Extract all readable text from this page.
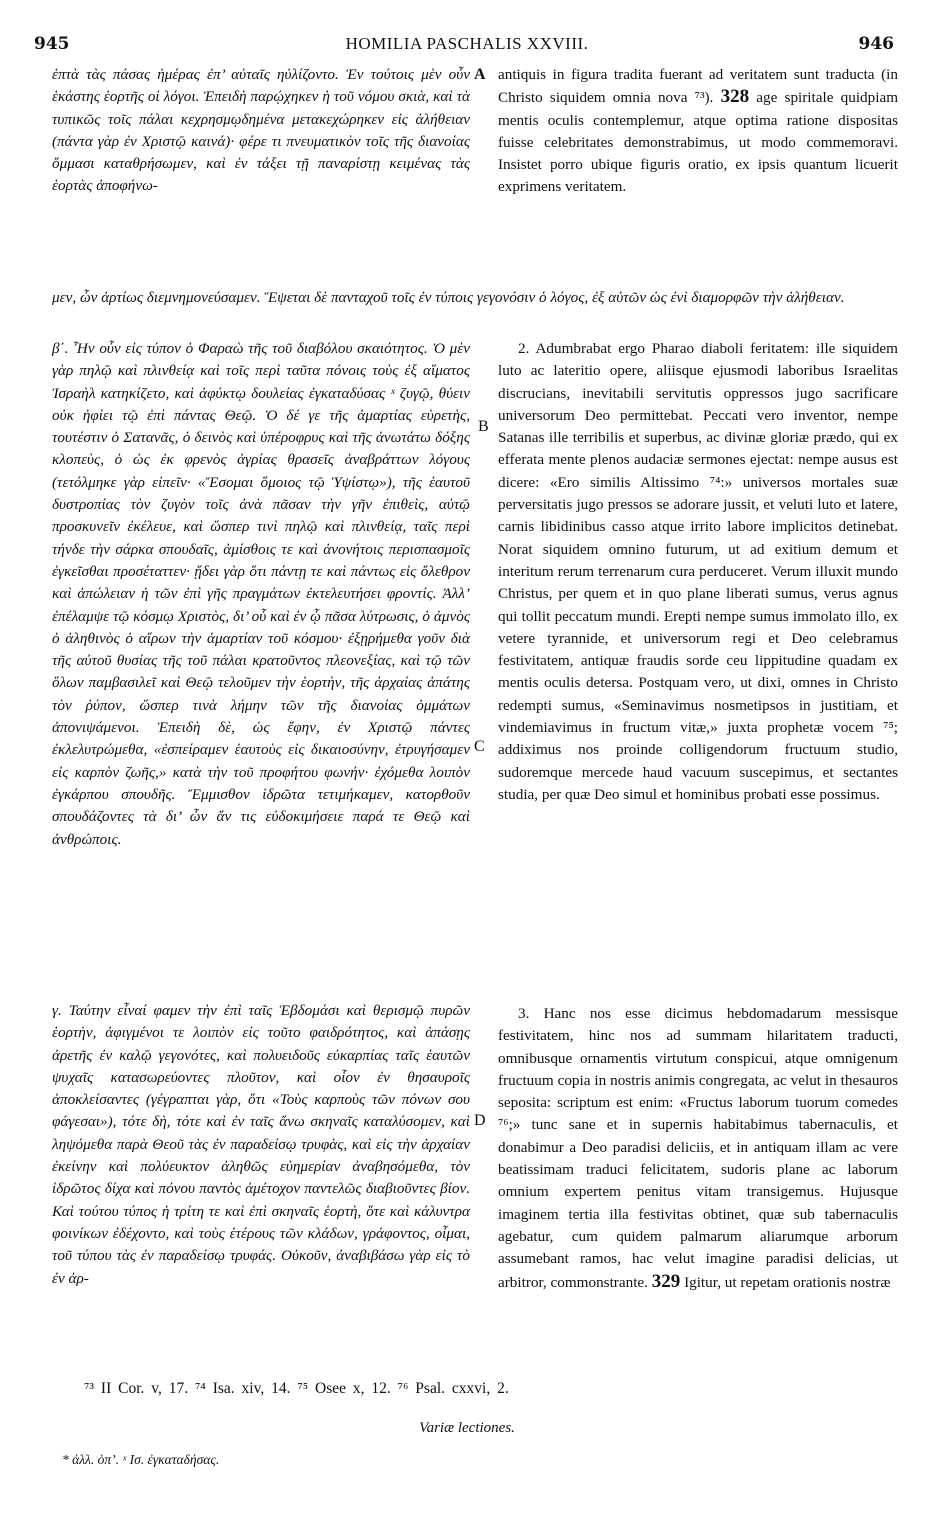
945	HOMILIA PASCHALIS XXVIII.	946

ἑπτὰ τὰς πάσας ἡμέρας ἐπ’ αὐταῖς ηὐλίζοντο. Ἐν τούτοις μὲν οὖν ἑκάστης ἑορτῆς οἱ λόγοι. Ἐπειδὴ παρῴχηκεν ἡ τοῦ νόμου σκιὰ, καὶ τὰ τυπικῶς τοῖς πάλαι κεχρησμῳδημένα μετακεχώρηκεν εἰς ἀλήθειαν (πάντα γὰρ ἐν Χριστῷ καινά)· φέρε τι πνευματικὸν τοῖς τῆς διανοίας ὄμμασι καταθρήσωμεν, καὶ ἐν τάξει τῇ παναρίστῃ κειμένας τὰς ἑορτὰς ἀποφήνω-

antiquis in figura tradita fuerant ad veritatem sunt traducta (in Christo siquidem omnia nova ⁷³). 328 age spiritale quidpiam mentis oculis contemplemur, atque optima ratione dispositas fuisse celebritates demonstrabimus, ut modo commemoravi. Insistet porro ubique figuris oratio, ex ipsis quantum licuerit exprimens veritatem.

μεν, ὧν ἀρτίως διεμνημονεύσαμεν. Ἕψεται δὲ πανταχοῦ τοῖς ἐν τύποις γεγονόσιν ὁ λόγος, ἐξ αὐτῶν ὡς ἐνὶ διαμορφῶν τὴν ἀλήθειαν.

β΄. Ἦν οὖν εἰς τύπον ὁ Φαραὼ τῆς τοῦ διαβόλου σκαιότητος. Ὁ μὲν γὰρ πηλῷ καὶ πλινθείᾳ καὶ τοῖς περὶ ταῦτα πόνοις τοὺς ἐξ αἵματος Ἰσραὴλ κατηκίζετο, καὶ ἀφύκτῳ δουλείας ἐγκαταδύσας ˣ ζυγῷ, θύειν οὐκ ἠφίει τῷ ἐπὶ πάντας Θεῷ. Ὁ δέ γε τῆς ἁμαρτίας εὑρετὴς, τουτέστιν ὁ Σατανᾶς, ὁ δεινὸς καὶ ὑπέροφρυς καὶ τῆς ἀνωτάτω δόξης κλοπεὺς, ὁ ὡς ἐκ φρενὸς ἀγρίας θρασεῖς ἀναβράττων λόγους (τετόλμηκε γὰρ εἰπεῖν· «Ἔσομαι ὅμοιος τῷ Ὑψίστῳ»), τῆς ἑαυτοῦ δυστροπίας τὸν ζυγὸν τοῖς ἀνὰ πᾶσαν τὴν γῆν ἐπιθεὶς, αὐτῷ προσκυνεῖν ἐκέλευε, καὶ ὥσπερ τινὶ πηλῷ καὶ πλινθείᾳ, ταῖς περὶ τήνδε τὴν σάρκα σπουδαῖς, ἀμίσθοις τε καὶ ἀνονήτοις περισπασμοῖς ἐγκεῖσθαι προσέταττεν· ᾔδει γὰρ ὅτι πάντῃ τε καὶ πάντως εἰς ὄλεθρον καὶ ἀπώλειαν ἡ τῶν ἐπὶ γῆς πραγμάτων ἐκτελευτήσει φροντίς. Ἀλλ’ ἐπέλαμψε τῷ κόσμῳ Χριστὸς, δι’ οὗ καὶ ἐν ᾧ πᾶσα λύτρωσις, ὁ ἀμνὸς ὁ ἀληθινὸς ὁ αἴρων τὴν ἁμαρτίαν τοῦ κόσμου· ἐξῃρήμεθα γοῦν διὰ τῆς αὐτοῦ θυσίας τῆς τοῦ πάλαι κρατοῦντος πλεονεξίας, καὶ τῷ τῶν ὅλων παμβασιλεῖ καὶ Θεῷ τελοῦμεν τὴν ἑορτὴν, τῆς ἀρχαίας ἀπάτης τὸν ῥύπον, ὥσπερ τινὰ λήμην τῶν τῆς διανοίας ὀμμάτων ἀπονιψάμενοι. Ἐπειδὴ δὲ, ὡς ἔφην, ἐν Χριστῷ πάντες ἐκλελυτρώμεθα, «ἐσπείραμεν ἑαυτοὺς εἰς δικαιοσύνην, ἐτρυγήσαμεν εἰς καρπὸν ζωῆς,» κατὰ τὴν τοῦ προφήτου φωνήν· ἐχόμεθα λοιπὸν ἐγκάρπου σπουδῆς. Ἔμμισθον ἱδρῶτα τετιμήκαμεν, κατορθοῦν σπουδάζοντες τὰ δι’ ὧν ἄν τις εὐδοκιμήσειε παρά τε Θεῷ καὶ ἀνθρώποις.

2. Adumbrabat ergo Pharao diaboli feritatem: ille siquidem luto ac lateritio opere, aliisque ejusmodi laboribus Israelitas discrucians, inevitabili servitutis oppressos jugo sacrificare universorum Deo permittebat. Peccati vero inventor, nempe Satanas ille terribilis et superbus, ac divinæ gloriæ prædo, qui ex efferata mente plenos audaciæ sermones ejectat: nempe ausus est dicere: «Ero similis Altissimo ⁷⁴:» universos mortales suæ perversitatis jugo pressos se adorare jussit, et veluti luto et latere, carnis libidinibus casso atque irrito labore implicitos detinebat. Norat siquidem omnino futurum, ut ad exitium demum et interitum rerum terrenarum cura perduceret. Verum illuxit mundo Christus, per quem et in quo plane liberati sumus, verus agnus qui tollit peccatum mundi. Erepti nempe sumus immolato illo, ex vetere tyrannide, et universorum regi et Deo celebramus festivitatem, antiquæ fraudis sorde ceu lippitudine quadam ex mentis oculis detersa. Postquam vero, ut dixi, omnes in Christo redempti sumus, «Seminavimus nosmetipsos in justitiam, et vindemiavimus in fructum vitæ,» juxta prophetæ vocem ⁷⁵; addiximus nos proinde colligendorum fructuum studio, sudoremque mercede haud vacuum suscepimus, et sectantes studia, per quæ Deo simul et hominibus probati esse possimus.

γ. Ταύτην εἶναί φαμεν τὴν ἐπὶ ταῖς Ἑβδομάσι καὶ θερισμῷ πυρῶν ἑορτὴν, ἀφιγμένοι τε λοιπὸν εἰς τοῦτο φαιδρότητος, καὶ ἁπάσῃς ἀρετῆς ἐν καλῷ γεγονότες, καὶ πολυειδοῦς εὐκαρπίας ταῖς ἑαυτῶν ψυχαῖς κατασωρεύοντες πλοῦτον, καὶ οἷον ἐν θησαυροῖς ἀποκλείσαντες (γέγραπται γὰρ, ὅτι «Τοὺς καρποὺς τῶν πόνων σου φάγεσαι»), τότε δὴ, τότε καὶ ἐν ταῖς ἄνω σκηναῖς καταλύσομεν, καὶ ληψόμεθα παρὰ Θεοῦ τὰς ἐν παραδείσῳ τρυφὰς, καὶ εἰς τὴν ἀρχαίαν ἐκείνην καὶ πολύευκτον ἀληθῶς εὐημερίαν ἀναβησόμεθα, τὸν ἱδρῶτος δίχα καὶ πόνου παντὸς ἀμέτοχον παντελῶς διαβιοῦντες βίον. Καὶ τούτου τύπος ἡ τρίτη τε καὶ ἐπὶ σκηναῖς ἑορτὴ, ὅτε καὶ κάλυντρα φοινίκων ἐδέχοντο, καὶ τοὺς ἑτέρους τῶν κλάδων, γράφοντος, οἶμαι, τοῦ τύπου τὰς ἐν παραδείσῳ τρυφάς. Οὐκοῦν, ἀναβιβάσω γὰρ εἰς τὸ ἐν ἀρ-

3. Hanc nos esse dicimus hebdomadarum messisque festivitatem, hinc nos ad summam hilaritatem traducti, omnibusque ornamentis virtutum conspicui, atque omnigenum fructuum copia in nostris animis congregata, ac velut in thesauros seposita: scriptum est enim: «Fructus laborum tuorum comedes ⁷⁶;» tunc sane et in supernis habitabimus tabernaculis, et donabimur a Deo paradisi deliciis, et in antiquam illam ac vere beatissimam traduci felicitatem, sudoris plane ac laborum omnium expertem penitus vitam transigemus. Hujusque imaginem tertia illa festivitas obtinet, quæ sub tabernaculis agebatur, cum quidem palmarum aliarumque arborum assumebant ramos, hac velut imagine paradisi delicias, ut arbitror, commonstrante. 329 Igitur, ut repetam orationis nostræ

A
B
C
D
⁷³ II Cor. v, 17. ⁷⁴ Isa. xiv, 14. ⁷⁵ Osee x, 12. ⁷⁶ Psal. cxxvi, 2.
Variæ lectiones.
* ἀλλ. ὁπ’. ˣ Ισ. ἐγκαταδήσας.
